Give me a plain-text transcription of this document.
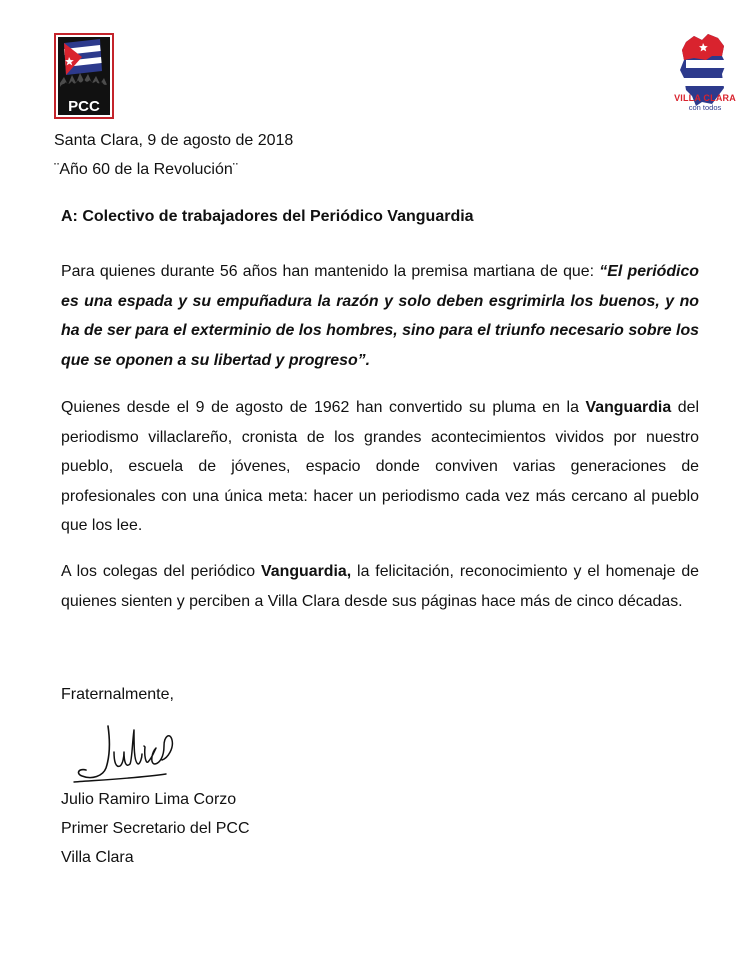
PCC	VILLA CLARA
con todos
Santa Clara, 9 de agosto de 2018
¨Año 60 de la Revolución¨
A: Colectivo de trabajadores del Periódico Vanguardia
Para quienes durante 56 años han mantenido la premisa martiana de que: “El periódico es una espada y su empuñadura la razón y solo deben esgrimirla los buenos, y no ha de ser para el exterminio de los hombres, sino para el triunfo necesario sobre los que se oponen a su libertad y progreso”.
Quienes desde el 9 de agosto de 1962 han convertido su pluma en la Vanguardia del periodismo villaclareño, cronista de los grandes acontecimientos vividos por nuestro pueblo, escuela de jóvenes, espacio donde conviven varias generaciones de profesionales con una única meta: hacer un periodismo cada vez más cercano al pueblo que los lee.
A los colegas del periódico Vanguardia, la felicitación, reconocimiento y el homenaje de quienes sienten y perciben a Villa Clara desde sus páginas hace más de cinco décadas.
Fraternalmente,
Julio Ramiro Lima Corzo
Primer Secretario del PCC
Villa Clara
